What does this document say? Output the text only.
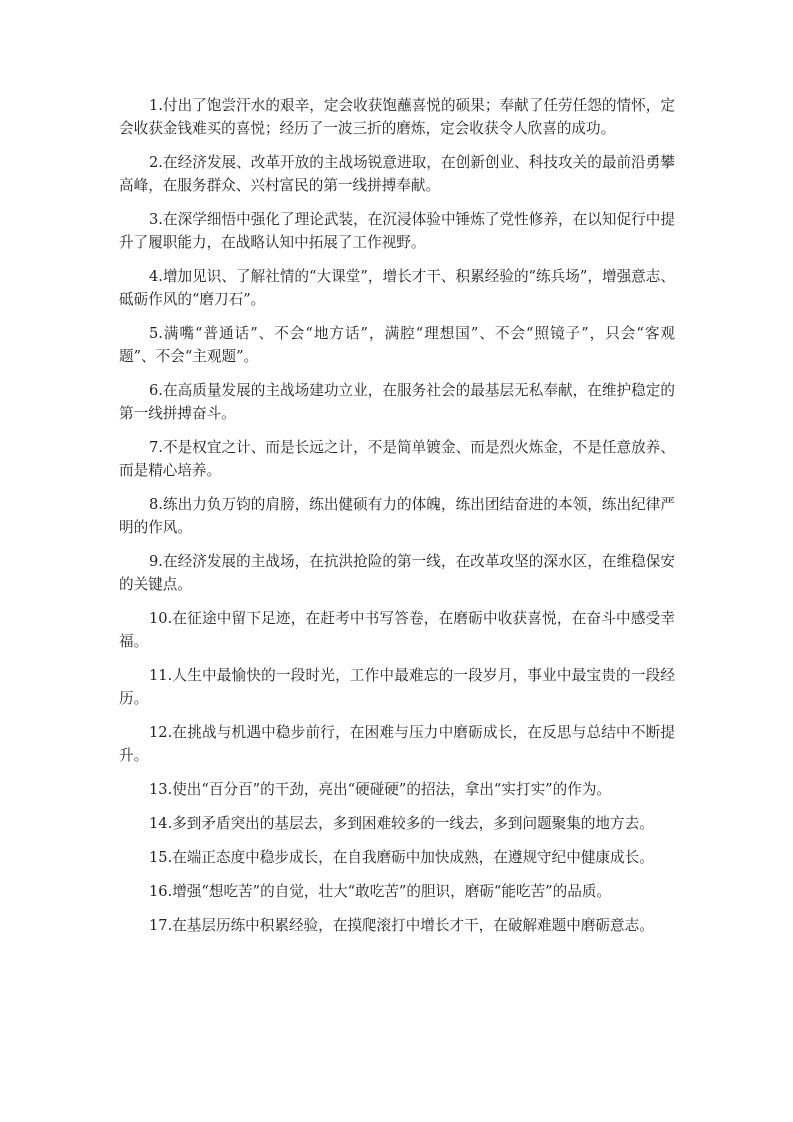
1.付出了饱尝汗水的艰辛，定会收获饱蘸喜悦的硕果；奉献了任劳任怨的情怀，定会收获金钱难买的喜悦；经历了一波三折的磨炼，定会收获令人欣喜的成功。

2.在经济发展、改革开放的主战场锐意进取，在创新创业、科技攻关的最前沿勇攀高峰，在服务群众、兴村富民的第一线拼搏奉献。

3.在深学细悟中强化了理论武装，在沉浸体验中锤炼了党性修养，在以知促行中提升了履职能力，在战略认知中拓展了工作视野。

4.增加见识、了解社情的“大课堂”，增长才干、积累经验的“练兵场”，增强意志、砥砺作风的“磨刀石”。

5.满嘴“普通话”、不会“地方话”，满腔“理想国”、不会“照镜子”，只会“客观题”、不会“主观题”。

6.在高质量发展的主战场建功立业，在服务社会的最基层无私奉献，在维护稳定的第一线拼搏奋斗。

7.不是权宜之计、而是长远之计，不是简单镀金、而是烈火炼金，不是任意放养、而是精心培养。

8.练出力负万钧的肩膀，练出健硕有力的体魄，练出团结奋进的本领，练出纪律严明的作风。

9.在经济发展的主战场，在抗洪抢险的第一线，在改革攻坚的深水区，在维稳保安的关键点。

10.在征途中留下足迹，在赶考中书写答卷，在磨砺中收获喜悦，在奋斗中感受幸福。

11.人生中最愉快的一段时光，工作中最难忘的一段岁月，事业中最宝贵的一段经历。

12.在挑战与机遇中稳步前行，在困难与压力中磨砺成长，在反思与总结中不断提升。

13.使出“百分百”的干劲，亮出“硬碰硬”的招法，拿出“实打实”的作为。

14.多到矛盾突出的基层去，多到困难较多的一线去，多到问题聚集的地方去。

15.在端正态度中稳步成长，在自我磨砺中加快成熟，在遵规守纪中健康成长。

16.增强“想吃苦”的自觉，壮大“敢吃苦”的胆识，磨砺“能吃苦”的品质。

17.在基层历练中积累经验，在摸爬滚打中增长才干，在破解难题中磨砺意志。
